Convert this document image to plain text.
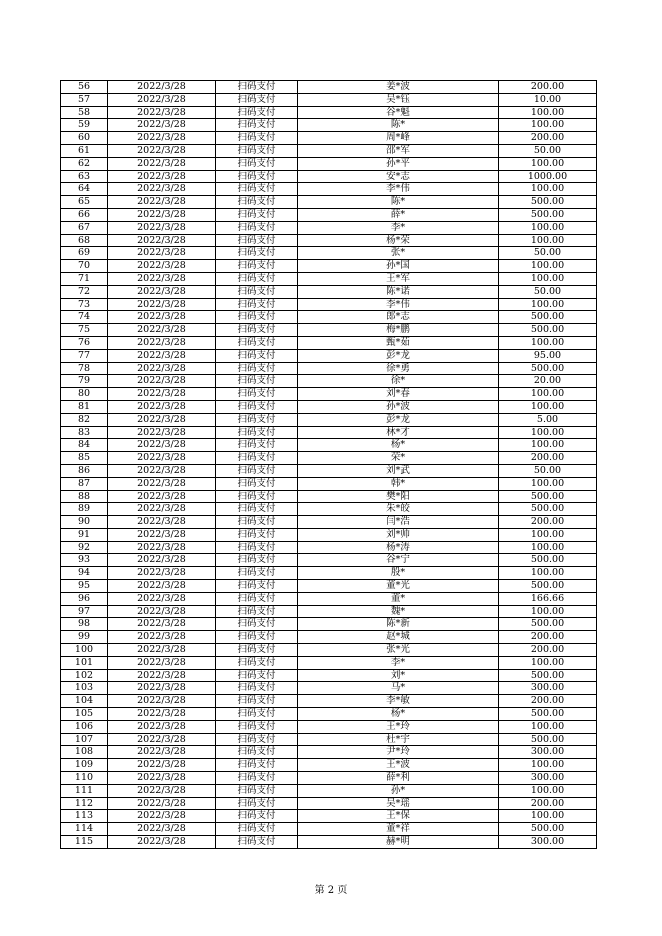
56	2022/3/28	扫码支付	姜*波	200.00
57	2022/3/28	扫码支付	吴*钰	10.00
58	2022/3/28	扫码支付	谷*魁	100.00
59	2022/3/28	扫码支付	陈*	100.00
60	2022/3/28	扫码支付	周*峰	200.00
61	2022/3/28	扫码支付	邵*军	50.00
62	2022/3/28	扫码支付	孙*平	100.00
63	2022/3/28	扫码支付	安*志	1000.00
64	2022/3/28	扫码支付	李*伟	100.00
65	2022/3/28	扫码支付	陈*	500.00
66	2022/3/28	扫码支付	薛*	500.00
67	2022/3/28	扫码支付	李*	100.00
68	2022/3/28	扫码支付	杨*荣	100.00
69	2022/3/28	扫码支付	张*	50.00
70	2022/3/28	扫码支付	孙*国	100.00
71	2022/3/28	扫码支付	王*军	100.00
72	2022/3/28	扫码支付	陈*诺	50.00
73	2022/3/28	扫码支付	李*伟	100.00
74	2022/3/28	扫码支付	郎*志	500.00
75	2022/3/28	扫码支付	梅*鹏	500.00
76	2022/3/28	扫码支付	甄*茹	100.00
77	2022/3/28	扫码支付	彭*龙	95.00
78	2022/3/28	扫码支付	徐*勇	500.00
79	2022/3/28	扫码支付	徐*	20.00
80	2022/3/28	扫码支付	刘*春	100.00
81	2022/3/28	扫码支付	孙*波	100.00
82	2022/3/28	扫码支付	彭*龙	5.00
83	2022/3/28	扫码支付	林*才	100.00
84	2022/3/28	扫码支付	杨*	100.00
85	2022/3/28	扫码支付	荣*	200.00
86	2022/3/28	扫码支付	刘*武	50.00
87	2022/3/28	扫码支付	韩*	100.00
88	2022/3/28	扫码支付	樊*阳	500.00
89	2022/3/28	扫码支付	朱*皎	500.00
90	2022/3/28	扫码支付	闫*浩	200.00
91	2022/3/28	扫码支付	刘*帅	100.00
92	2022/3/28	扫码支付	杨*涛	100.00
93	2022/3/28	扫码支付	谷*宁	500.00
94	2022/3/28	扫码支付	殷*	100.00
95	2022/3/28	扫码支付	董*光	500.00
96	2022/3/28	扫码支付	董*	166.66
97	2022/3/28	扫码支付	魏*	100.00
98	2022/3/28	扫码支付	陈*新	500.00
99	2022/3/28	扫码支付	赵*城	200.00
100	2022/3/28	扫码支付	张*光	200.00
101	2022/3/28	扫码支付	李*	100.00
102	2022/3/28	扫码支付	刘*	500.00
103	2022/3/28	扫码支付	马*	300.00
104	2022/3/28	扫码支付	李*敏	200.00
105	2022/3/28	扫码支付	杨*	500.00
106	2022/3/28	扫码支付	王*玲	100.00
107	2022/3/28	扫码支付	杜*宇	500.00
108	2022/3/28	扫码支付	尹*玲	300.00
109	2022/3/28	扫码支付	王*波	100.00
110	2022/3/28	扫码支付	薛*利	300.00
111	2022/3/28	扫码支付	孙*	100.00
112	2022/3/28	扫码支付	吴*瑶	200.00
113	2022/3/28	扫码支付	王*保	100.00
114	2022/3/28	扫码支付	董*祥	500.00
115	2022/3/28	扫码支付	赫*明	300.00
第 2 页
